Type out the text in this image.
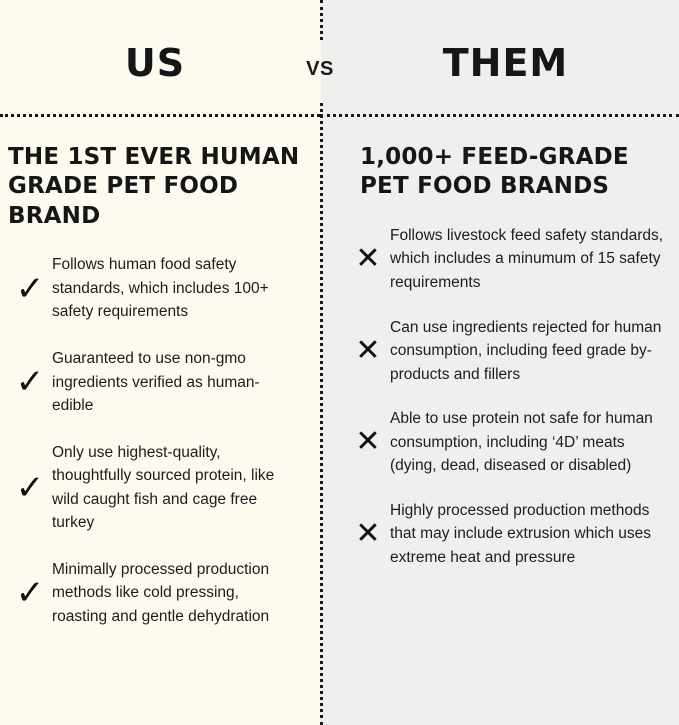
US
THE 1ST EVER HUMAN GRADE PET FOOD BRAND
✓
Follows human food safety standards, which includes 100+ safety requirements
✓
Guaranteed to use non-gmo ingredients verified as human-edible
✓
Only use highest-quality, thoughtfully sourced protein, like wild caught fish and cage free turkey
✓
Minimally processed production methods like cold pressing, roasting and gentle dehydration
THEM
1,000+ FEED-GRADE PET FOOD BRANDS
✕
Follows livestock feed safety standards, which includes a minumum of 15 safety requirements
✕
Can use ingredients rejected for human consumption, including feed grade by-products and fillers
✕
Able to use protein not safe for human consumption, including ‘4D’ meats (dying, dead, diseased or disabled)
✕
Highly processed production methods that may include extrusion which uses extreme heat and pressure
VS
